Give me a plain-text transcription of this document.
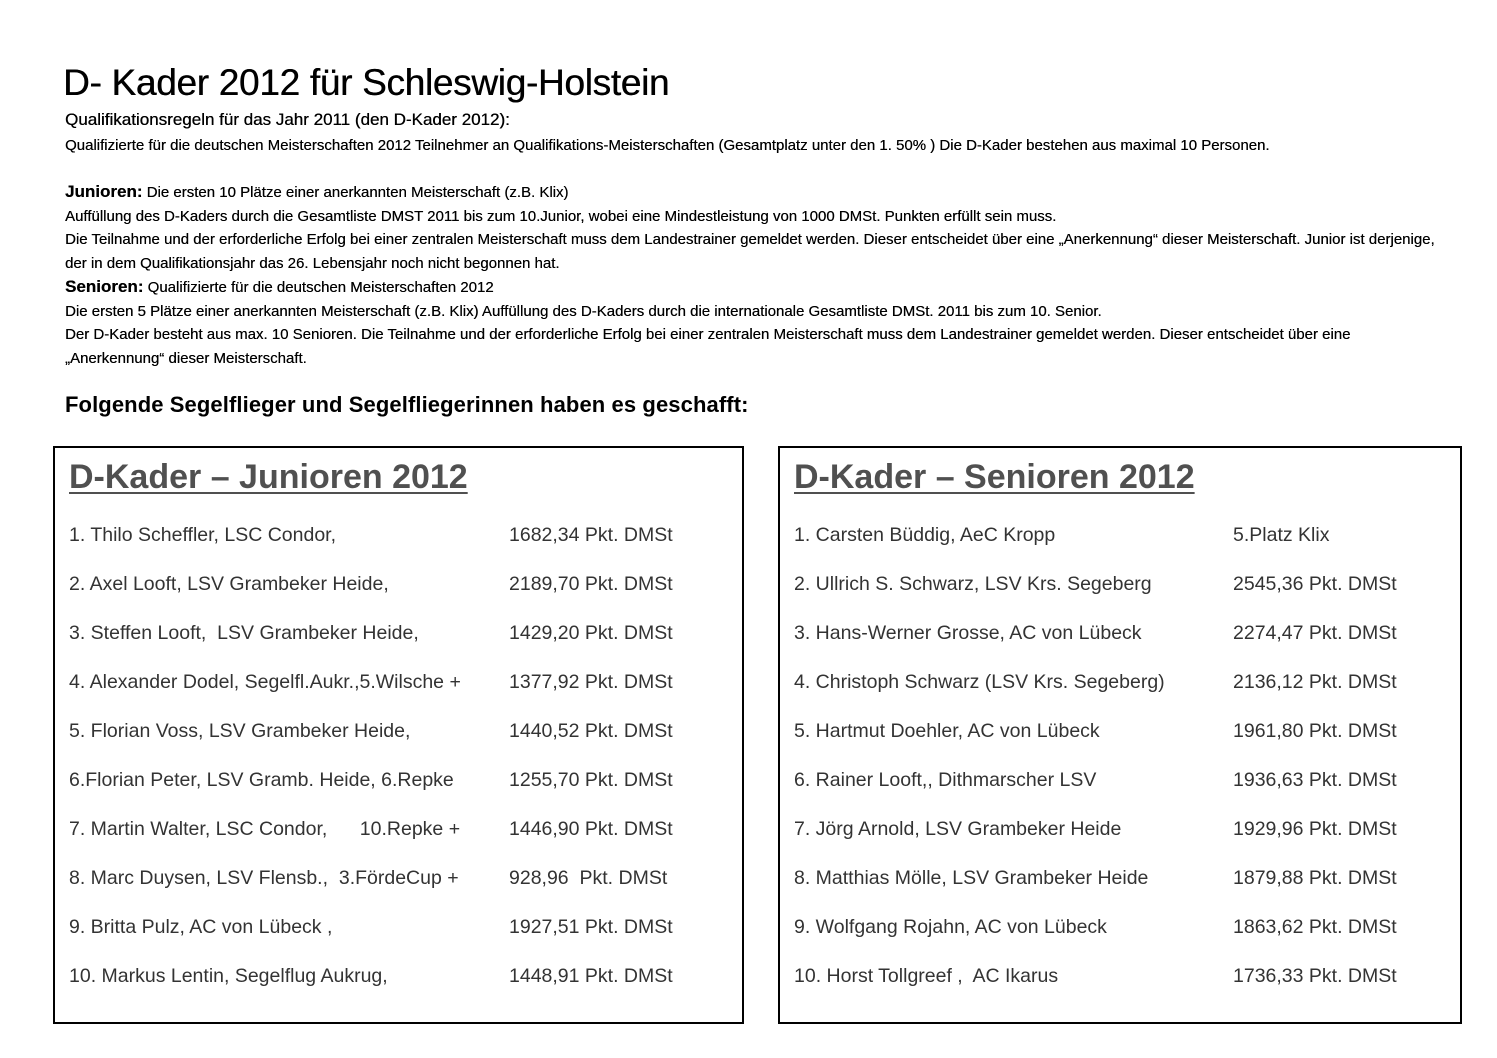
D- Kader 2012 für Schleswig-Holstein
Qualifikationsregeln für das Jahr 2011 (den D-Kader 2012):
Qualifizierte für die deutschen Meisterschaften 2012 Teilnehmer an Qualifikations-Meisterschaften (Gesamtplatz unter den 1. 50% ) Die D-Kader bestehen aus maximal 10 Personen.
Junioren: Die ersten 10 Plätze einer anerkannten Meisterschaft (z.B. Klix)
Auffüllung des D-Kaders durch die Gesamtliste DMST 2011 bis zum 10.Junior, wobei eine Mindestleistung von 1000 DMSt. Punkten erfüllt sein muss.
Die Teilnahme und der erforderliche Erfolg bei einer zentralen Meisterschaft muss dem Landestrainer gemeldet werden. Dieser entscheidet über eine „Anerkennung“ dieser Meisterschaft. Junior ist derjenige, der in dem Qualifikationsjahr das 26. Lebensjahr noch nicht begonnen hat.
Senioren: Qualifizierte für die deutschen Meisterschaften 2012
Die ersten 5 Plätze einer anerkannten Meisterschaft (z.B. Klix) Auffüllung des D-Kaders durch die internationale Gesamtliste DMSt. 2011 bis zum 10. Senior.
Der D-Kader besteht aus max. 10 Senioren. Die Teilnahme und der erforderliche Erfolg bei einer zentralen Meisterschaft muss dem Landestrainer gemeldet werden. Dieser entscheidet über eine „Anerkennung“ dieser Meisterschaft.
Folgende Segelflieger und Segelfliegerinnen haben es geschafft:
D-Kader – Junioren 2012
1. Thilo Scheffler, LSC Condor,	1682,34 Pkt. DMSt
2. Axel Looft, LSV Grambeker Heide,	2189,70 Pkt. DMSt
3. Steffen Looft,  LSV Grambeker Heide,	1429,20 Pkt. DMSt
4. Alexander Dodel, Segelfl.Aukr.,5.Wilsche + 1377,92 Pkt. DMSt
5. Florian Voss, LSV Grambeker Heide,	1440,52 Pkt. DMSt
6.Florian Peter, LSV Gramb. Heide, 6.Repke	1255,70 Pkt. DMSt
7. Martin Walter, LSC Condor,      10.Repke +	1446,90 Pkt. DMSt
8. Marc Duysen, LSV Flensb.,  3.FördeCup +	928,96  Pkt. DMSt
9. Britta Pulz, AC von Lübeck ,	1927,51 Pkt. DMSt
10. Markus Lentin, Segelflug Aukrug,	1448,91 Pkt. DMSt
D-Kader – Senioren 2012
1. Carsten Büddig, AeC Kropp	5.Platz Klix
2. Ullrich S. Schwarz, LSV Krs. Segeberg	2545,36 Pkt. DMSt
3. Hans-Werner Grosse, AC von Lübeck	2274,47 Pkt. DMSt
4. Christoph Schwarz (LSV Krs. Segeberg)	2136,12 Pkt. DMSt
5. Hartmut Doehler, AC von Lübeck	1961,80 Pkt. DMSt
6. Rainer Looft,, Dithmarscher LSV	1936,63 Pkt. DMSt
7. Jörg Arnold, LSV Grambeker Heide	1929,96 Pkt. DMSt
8. Matthias Mölle, LSV Grambeker Heide	1879,88 Pkt. DMSt
9. Wolfgang Rojahn, AC von Lübeck	1863,62 Pkt. DMSt
10. Horst Tollgreef ,  AC Ikarus	1736,33 Pkt. DMSt
